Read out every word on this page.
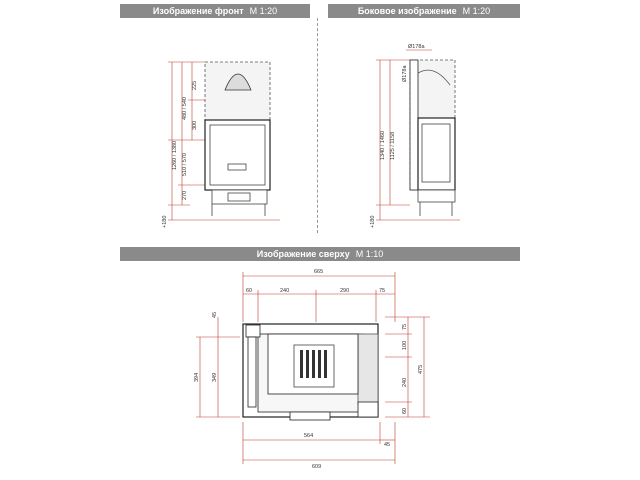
Изображение фронт М 1:20	Боковое изображение М 1:20
Изображение сверху М 1:10
225
300
480 / 540
1260 / 1380 510 / 570
270
+180
Ø178a
Ø178a
1340 / 1460 1125 / 1158
+180
665
60	240	290	75
45
394 349
75
100
240
60
475
564
45
609
